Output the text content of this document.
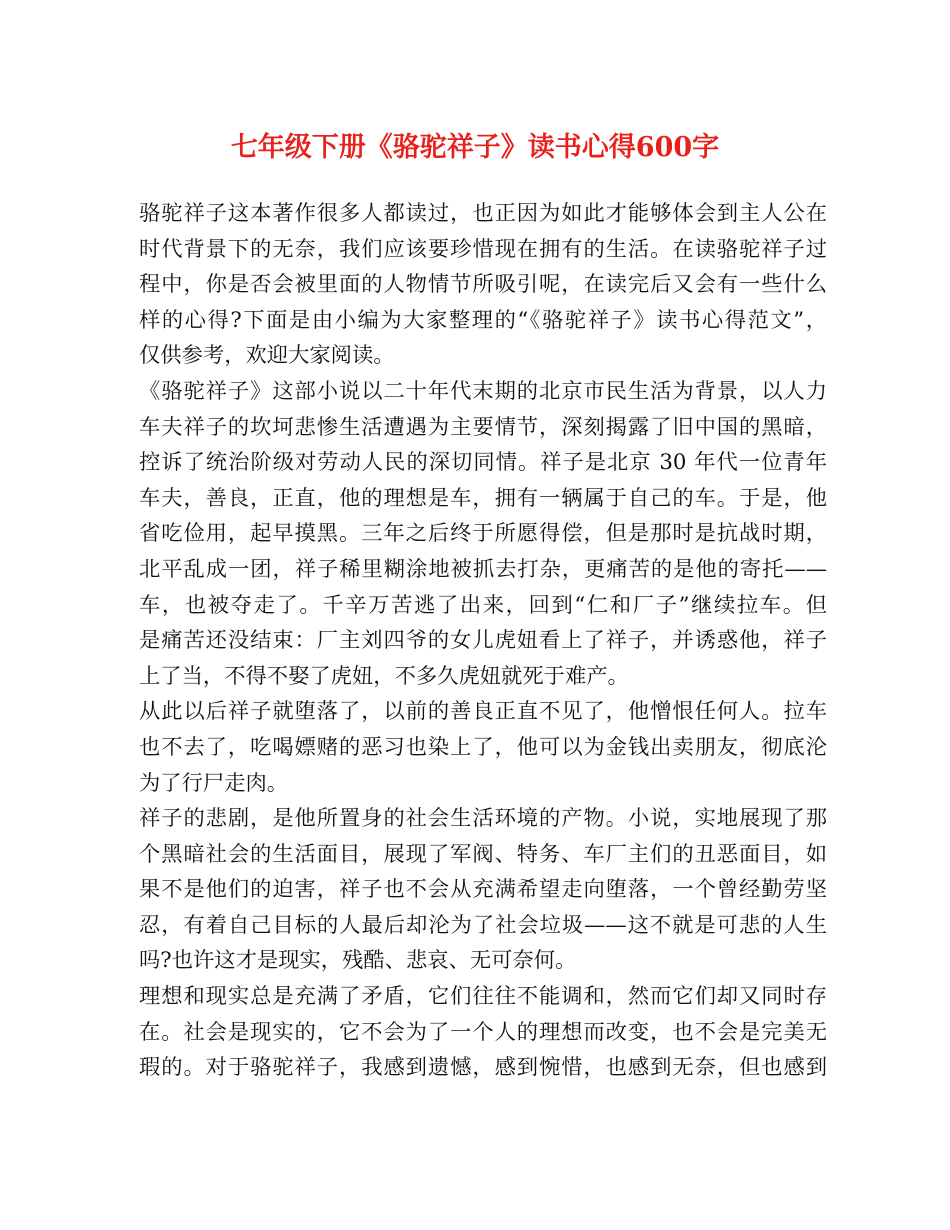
七年级下册《骆驼祥子》读书心得600字
骆驼祥子这本著作很多人都读过，也正因为如此才能够体会到主人公在
时代背景下的无奈，我们应该要珍惜现在拥有的生活。在读骆驼祥子过
程中，你是否会被里面的人物情节所吸引呢，在读完后又会有一些什么
样的心得?下面是由小编为大家整理的“《骆驼祥子》读书心得范文”，
仅供参考，欢迎大家阅读。
《骆驼祥子》这部小说以二十年代末期的北京市民生活为背景，以人力
车夫祥子的坎坷悲惨生活遭遇为主要情节，深刻揭露了旧中国的黑暗，
控诉了统治阶级对劳动人民的深切同情。祥子是北京 30 年代一位青年
车夫，善良，正直，他的理想是车，拥有一辆属于自己的车。于是，他
省吃俭用，起早摸黑。三年之后终于所愿得偿，但是那时是抗战时期，
北平乱成一团，祥子稀里糊涂地被抓去打杂，更痛苦的是他的寄托——
车，也被夺走了。千辛万苦逃了出来，回到“仁和厂子”继续拉车。但
是痛苦还没结束：厂主刘四爷的女儿虎妞看上了祥子，并诱惑他，祥子
上了当，不得不娶了虎妞，不多久虎妞就死于难产。
从此以后祥子就堕落了，以前的善良正直不见了，他憎恨任何人。拉车
也不去了，吃喝嫖赌的恶习也染上了，他可以为金钱出卖朋友，彻底沦
为了行尸走肉。
祥子的悲剧，是他所置身的社会生活环境的产物。小说，实地展现了那
个黑暗社会的生活面目，展现了军阀、特务、车厂主们的丑恶面目，如
果不是他们的迫害，祥子也不会从充满希望走向堕落，一个曾经勤劳坚
忍，有着自己目标的人最后却沦为了社会垃圾——这不就是可悲的人生
吗?也许这才是现实，残酷、悲哀、无可奈何。
理想和现实总是充满了矛盾，它们往往不能调和，然而它们却又同时存
在。社会是现实的，它不会为了一个人的理想而改变，也不会是完美无
瑕的。对于骆驼祥子，我感到遗憾，感到惋惜，也感到无奈，但也感到
